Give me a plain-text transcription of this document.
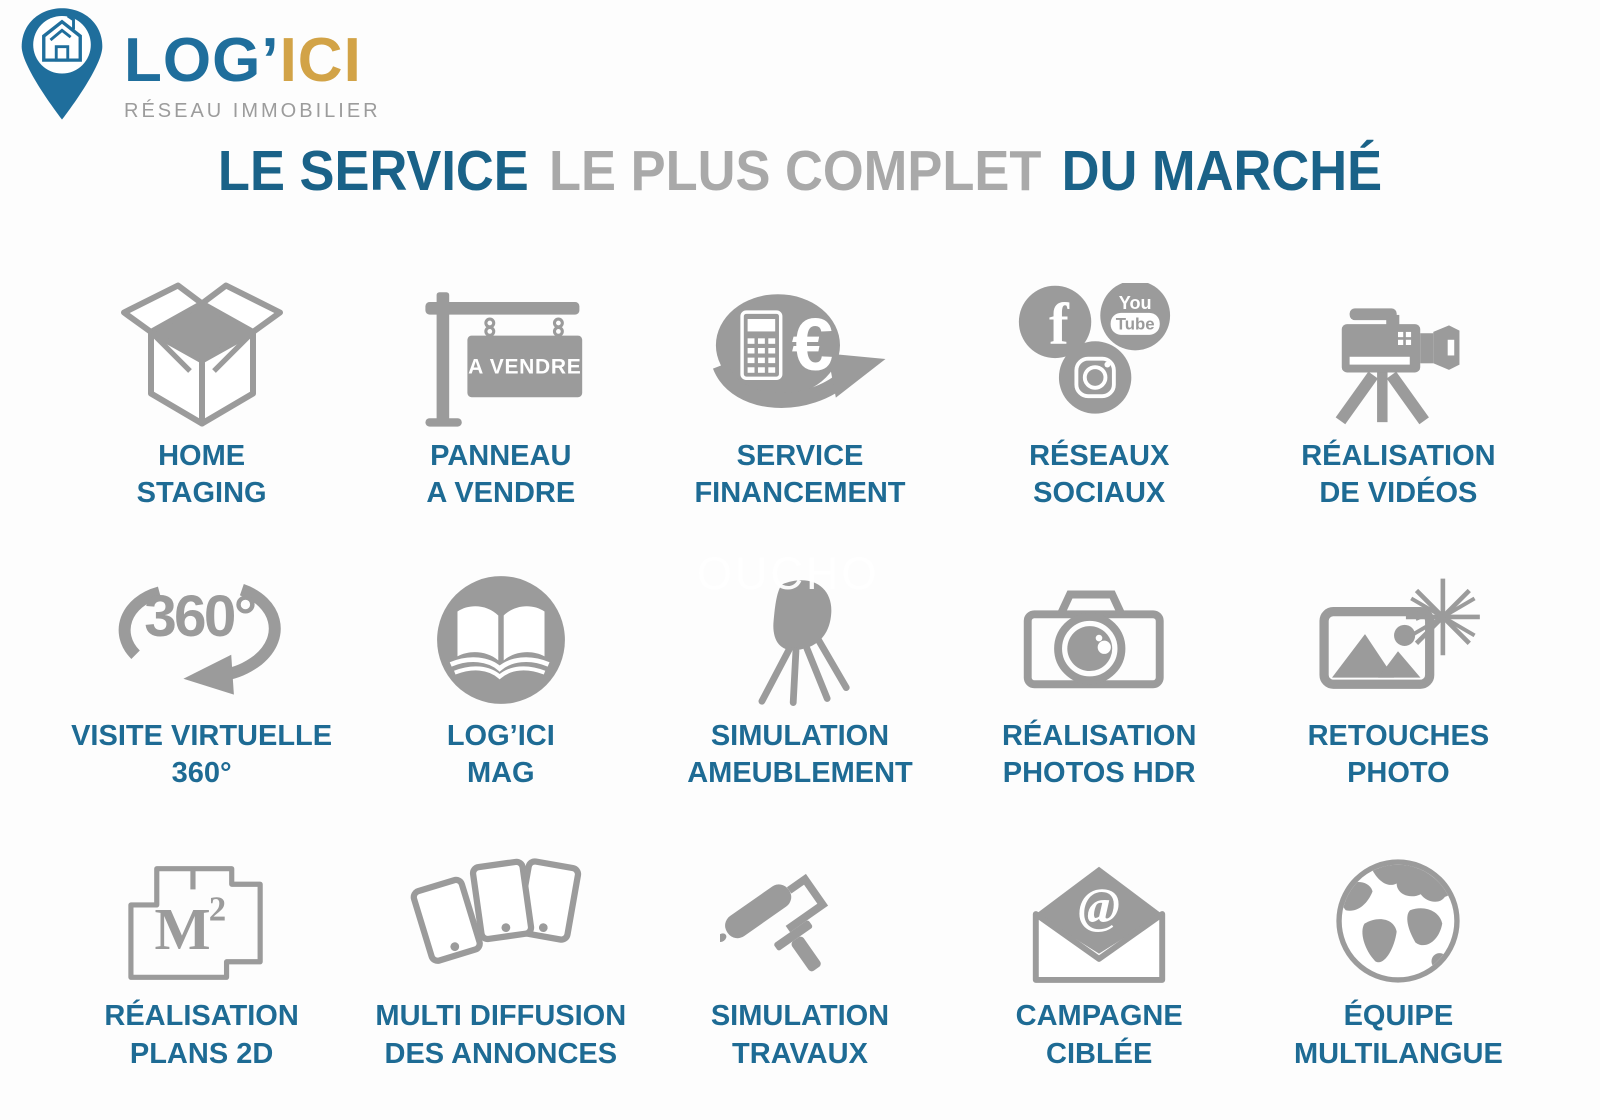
LOG’ICI
RÉSEAU IMMOBILIER
LE SERVICE LE PLUS COMPLET DU MARCHÉ
OUCHO
HOME
STAGING
A VENDRE
PANNEAU
A VENDRE
€
SERVICE
FINANCEMENT
f	You
Tube
RÉSEAUX
SOCIAUX
RÉALISATION
DE VIDÉOS
360°
VISITE VIRTUELLE
360°
LOG’ICI
MAG
SIMULATION
AMEUBLEMENT
RÉALISATION
PHOTOS HDR
RETOUCHES
PHOTO
M
2
RÉALISATION
PLANS 2D
MULTI DIFFUSION
DES ANNONCES
SIMULATION
TRAVAUX
@
CAMPAGNE
CIBLÉE
ÉQUIPE
MULTILANGUE
